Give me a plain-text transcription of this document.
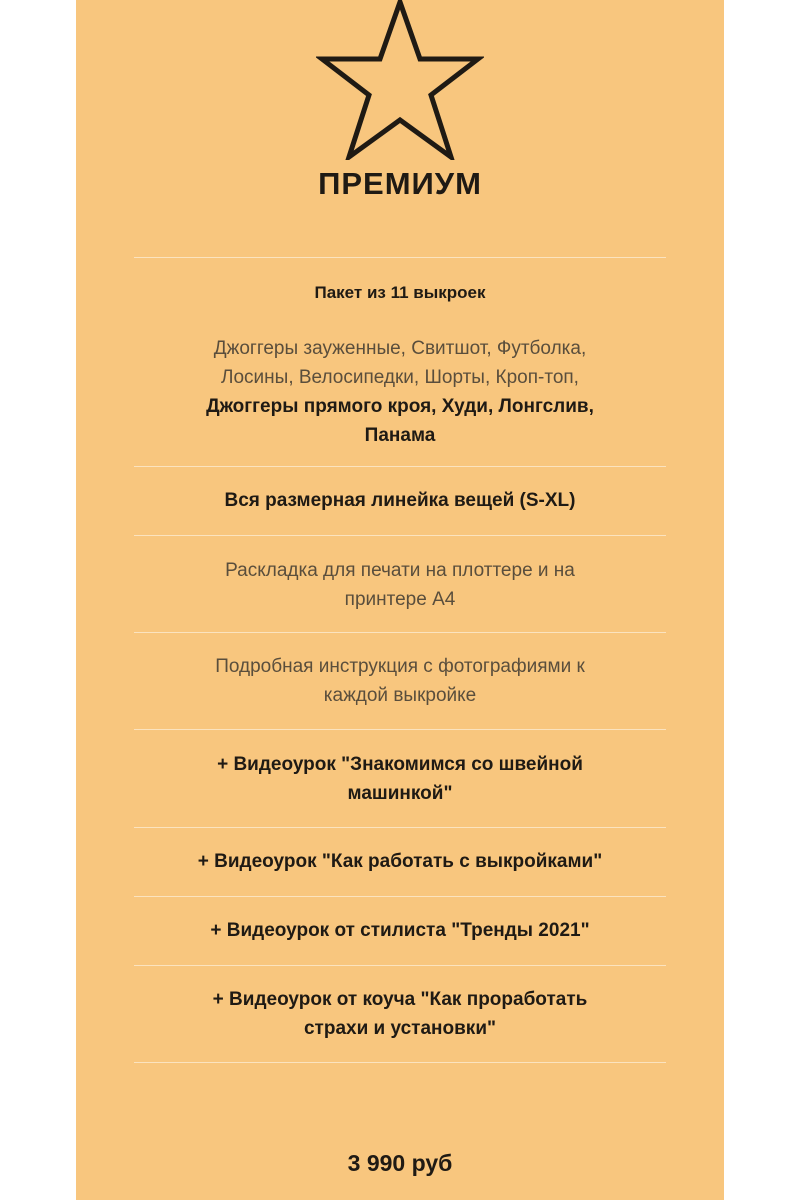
ПРЕМИУМ
Пакет из 11 выкроек
Джоггеры зауженные, Свитшот, Футболка,
Лосины, Велосипедки, Шорты, Кроп-топ,
Джоггеры прямого кроя, Худи, Лонгслив,
Панама
Вся размерная линейка вещей (S-XL)
Раскладка для печати на плоттере и на
принтере А4
Подробная инструкция с фотографиями к
каждой выкройке
+ Видеоурок "Знакомимся со швейной
машинкой"
+ Видеоурок "Как работать с выкройками"
+ Видеоурок от стилиста "Тренды 2021"
+ Видеоурок от коуча "Как проработать
страхи и установки"
3 990 руб
